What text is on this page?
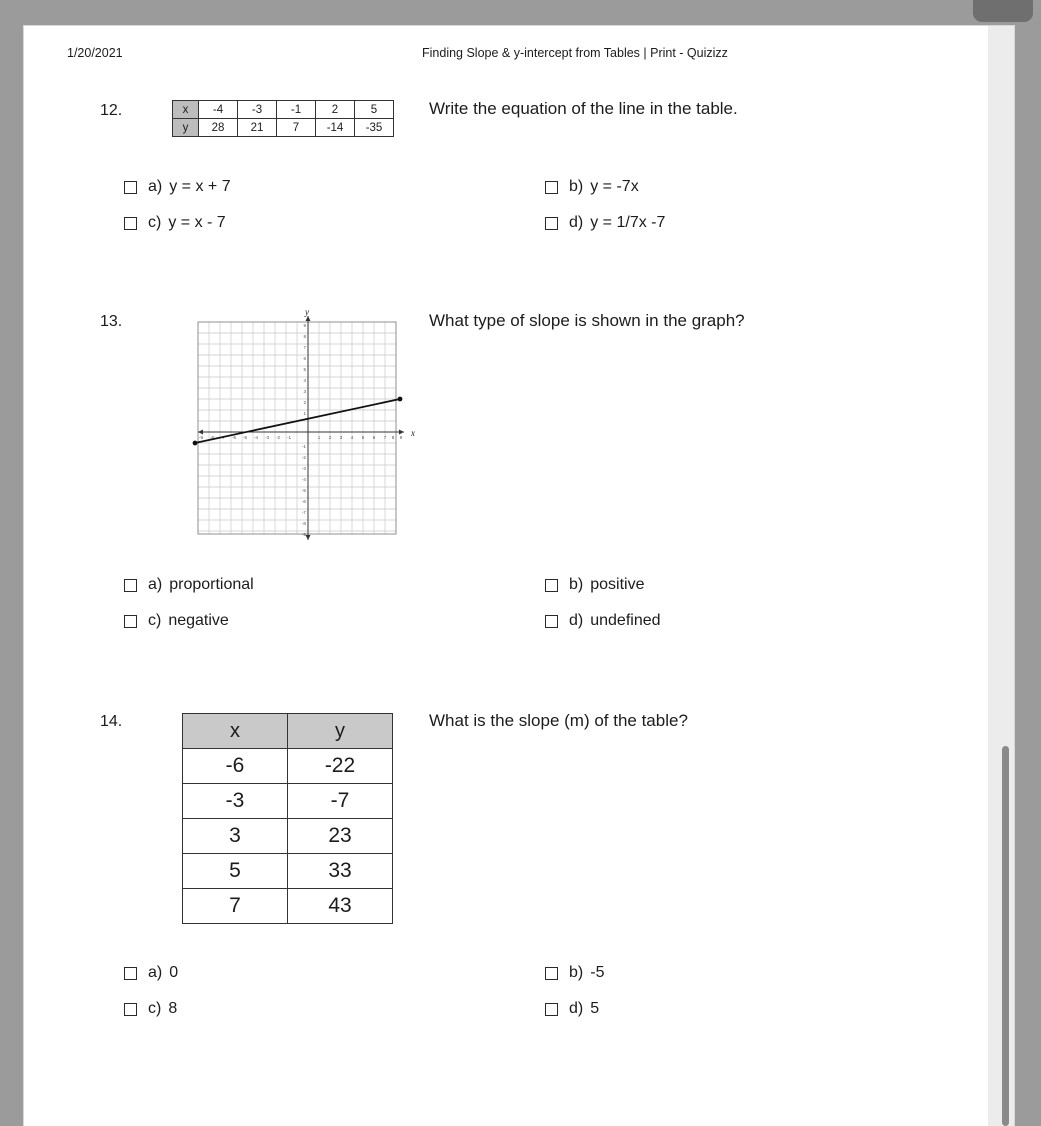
1/20/2021	Finding Slope & y-intercept from Tables | Print - Quizizz
12.	Write the equation of the line in the table.
x	-4	-3	-1	2	5
y	28	21	7	-14	-35
a) y = x + 7	b) y = -7x
c) y = x - 7	d) y = 1/7x -7
13.	What type of slope is shown in the graph?
x
y
-9 -8	-6 -5 -4 -3 -2 -1	1 2 3 4 5 6 7 8 9
9
8
7
6
5
4
3
2
1
-1
-2
-3
-4
-5
-6
-7
-8
-9
a) proportional	b) positive
c) negative	d) undefined
14.	What is the slope (m) of the table?
x	y
-6	-22
-3	-7
3	23
5	33
7	43
a) 0	b) -5
c) 8	d) 5
